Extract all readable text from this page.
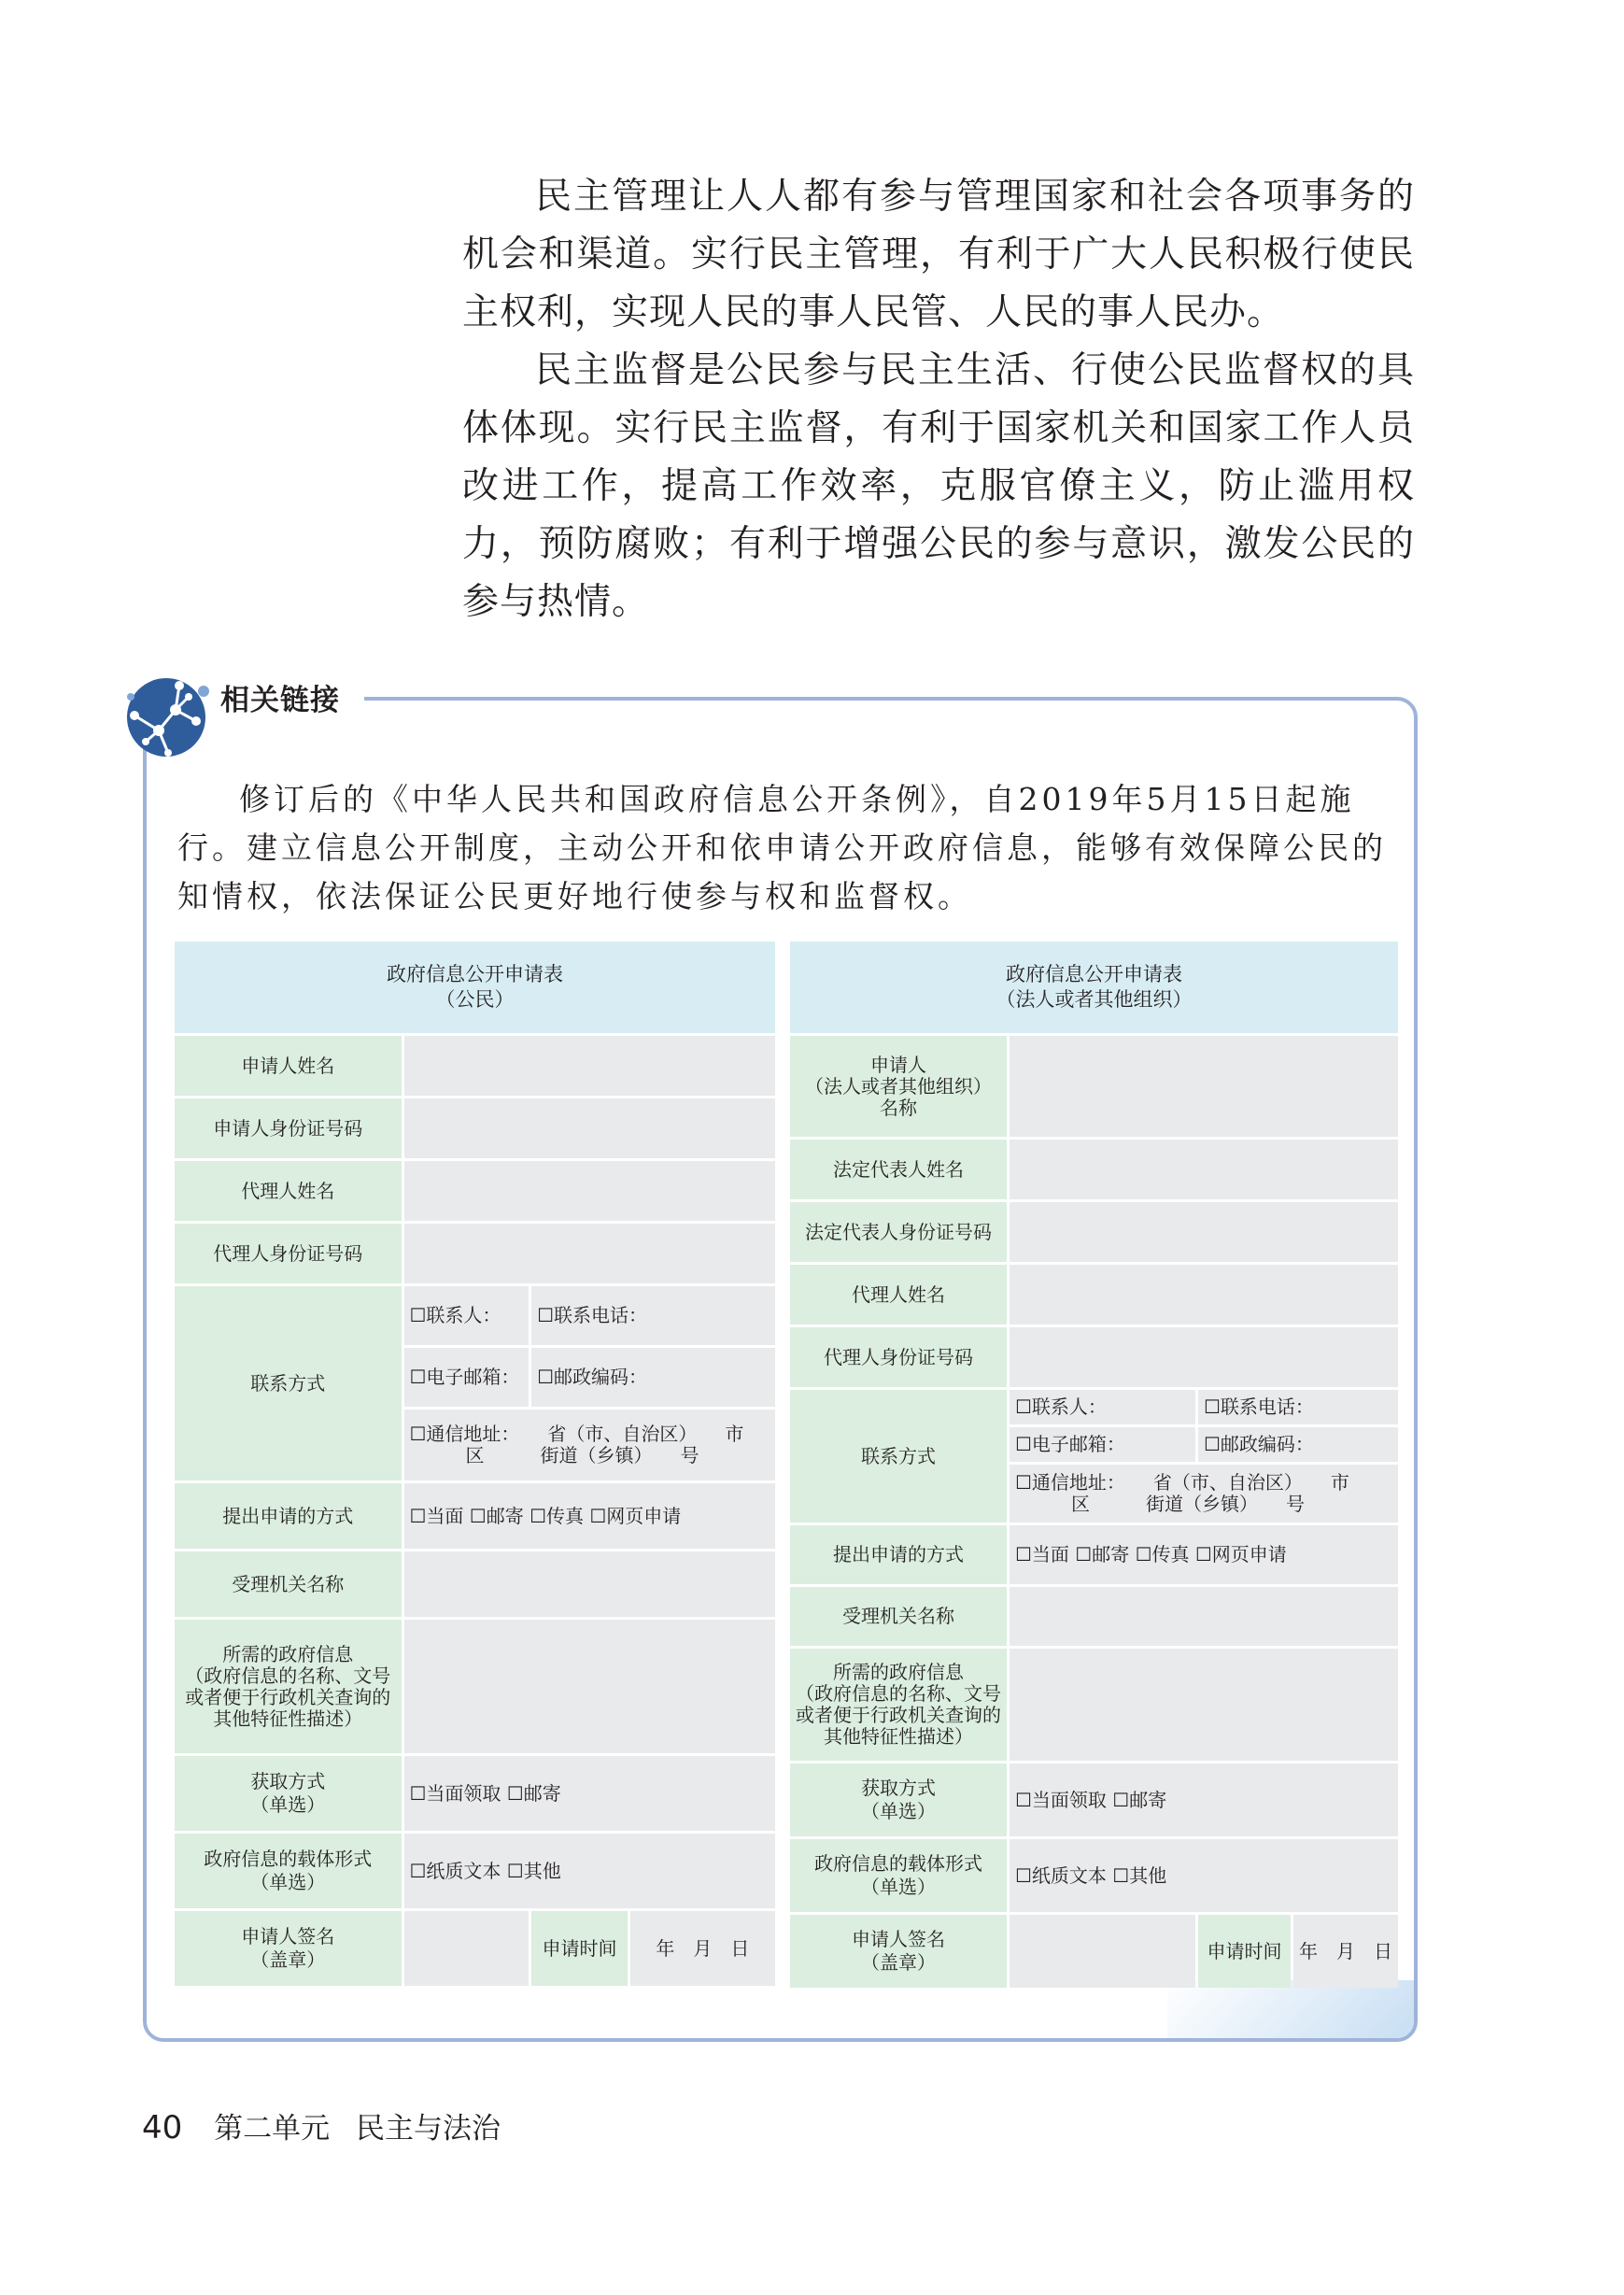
民主管理让人人都有参与管理国家和社会各项事务的机会和渠道。实行民主管理，有利于广大人民积极行使民主权利，实现人民的事人民管、人民的事人民办。

民主监督是公民参与民主生活、行使公民监督权的具体体现。实行民主监督，有利于国家机关和国家工作人员改进工作，提高工作效率，克服官僚主义，防止滥用权力，预防腐败；有利于增强公民的参与意识，激发公民的参与热情。

相关链接

修订后的《中华人民共和国政府信息公开条例》，自2019年5月15日起施行。建立信息公开制度，主动公开和依申请公开政府信息，能够有效保障公民的知情权，依法保证公民更好地行使参与权和监督权。

政府信息公开申请表
（公民）			

申请人姓名			
申请人身份证号码			
代理人姓名			
代理人身份证号码			
联系方式	☐联系人：	☐联系电话：	
	☐电子邮箱：	☐邮政编码：	

	☐通信地址：　　省（市、自治区）　　市
区　　　街道（乡镇）　　号		

提出申请的方式	☐当面 ☐邮寄 ☐传真 ☐网页申请		
受理机关名称			

所需的政府信息
（政府信息的名称、文号
或者便于行政机关查询的
其他特征性描述）			

获取方式
（单选）	☐当面领取 ☐邮寄		

政府信息的载体形式
（单选）	☐纸质文本 ☐其他		

申请人签名
（盖章）		申请时间	年　月　日
政府信息公开申请表
（法人或者其他组织）			

申请人
（法人或者其他组织）
名称			

法定代表人姓名			
法定代表人身份证号码			
代理人姓名			
代理人身份证号码			
联系方式	☐联系人：	☐联系电话：	
	☐电子邮箱：	☐邮政编码：	

	☐通信地址：　　省（市、自治区）　　市
区　　　街道（乡镇）　　号		

提出申请的方式	☐当面 ☐邮寄 ☐传真 ☐网页申请		
受理机关名称			

所需的政府信息
（政府信息的名称、文号
或者便于行政机关查询的
其他特征性描述）			

获取方式
（单选）	☐当面领取 ☐邮寄		

政府信息的载体形式
（单选）	☐纸质文本 ☐其他		

申请人签名
（盖章）		申请时间	年　月　日
40 第二单元 民主与法治
